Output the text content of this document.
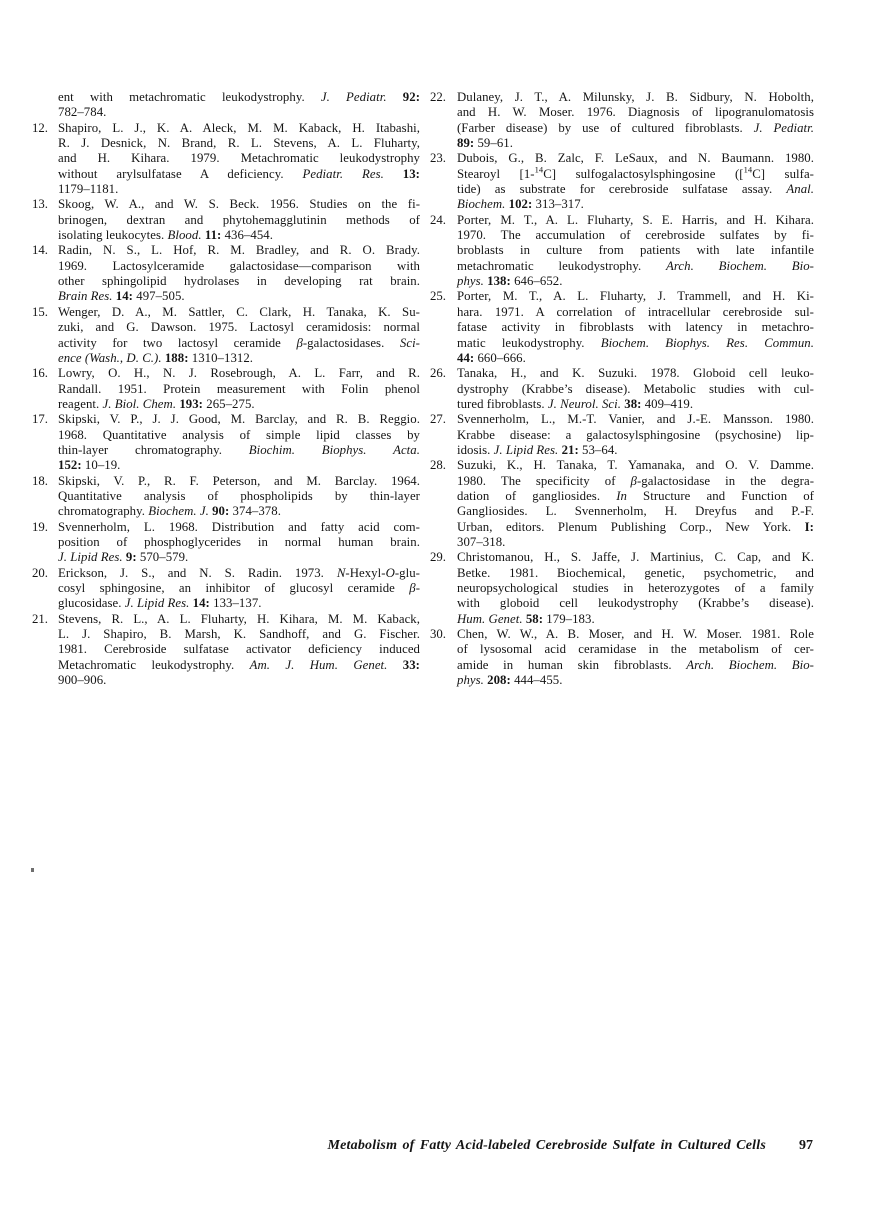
ent with metachromatic leukodystrophy. J. Pediatr. 92:
782–784.
12. Shapiro, L. J., K. A. Aleck, M. M. Kaback, H. Itabashi,
R. J. Desnick, N. Brand, R. L. Stevens, A. L. Fluharty,
and H. Kihara. 1979. Metachromatic leukodystrophy
without arylsulfatase A deficiency. Pediatr. Res. 13:
1179–1181.
13. Skoog, W. A., and W. S. Beck. 1956. Studies on the fi-
brinogen, dextran and phytohemagglutinin methods of
isolating leukocytes. Blood. 11: 436–454.
14. Radin, N. S., L. Hof, R. M. Bradley, and R. O. Brady.
1969. Lactosylceramide galactosidase—comparison with
other sphingolipid hydrolases in developing rat brain.
Brain Res. 14: 497–505.
15. Wenger, D. A., M. Sattler, C. Clark, H. Tanaka, K. Su-
zuki, and G. Dawson. 1975. Lactosyl ceramidosis: normal
activity for two lactosyl ceramide β-galactosidases. Sci-
ence (Wash., D. C.). 188: 1310–1312.
16. Lowry, O. H., N. J. Rosebrough, A. L. Farr, and R.
Randall. 1951. Protein measurement with Folin phenol
reagent. J. Biol. Chem. 193: 265–275.
17. Skipski, V. P., J. J. Good, M. Barclay, and R. B. Reggio.
1968. Quantitative analysis of simple lipid classes by
thin-layer chromatography. Biochim. Biophys. Acta.
152: 10–19.
18. Skipski, V. P., R. F. Peterson, and M. Barclay. 1964.
Quantitative analysis of phospholipids by thin-layer
chromatography. Biochem. J. 90: 374–378.
19. Svennerholm, L. 1968. Distribution and fatty acid com-
position of phosphoglycerides in normal human brain.
J. Lipid Res. 9: 570–579.
20. Erickson, J. S., and N. S. Radin. 1973. N-Hexyl-O-glu-
cosyl sphingosine, an inhibitor of glucosyl ceramide β-
glucosidase. J. Lipid Res. 14: 133–137.
21. Stevens, R. L., A. L. Fluharty, H. Kihara, M. M. Kaback,
L. J. Shapiro, B. Marsh, K. Sandhoff, and G. Fischer.
1981. Cerebroside sulfatase activator deficiency induced
Metachromatic leukodystrophy. Am. J. Hum. Genet. 33:
900–906.
22. Dulaney, J. T., A. Milunsky, J. B. Sidbury, N. Hobolth,
and H. W. Moser. 1976. Diagnosis of lipogranulomatosis
(Farber disease) by use of cultured fibroblasts. J. Pediatr.
89: 59–61.
23. Dubois, G., B. Zalc, F. LeSaux, and N. Baumann. 1980.
Stearoyl [1-$^{14}$C] sulfogalactosylsphingosine ([$^{14}$C] sulfa-
tide) as substrate for cerebroside sulfatase assay. Anal.
Biochem. 102: 313–317.
24. Porter, M. T., A. L. Fluharty, S. E. Harris, and H. Kihara.
1970. The accumulation of cerebroside sulfates by fi-
broblasts in culture from patients with late infantile
metachromatic leukodystrophy. Arch. Biochem. Bio-
phys. 138: 646–652.
25. Porter, M. T., A. L. Fluharty, J. Trammell, and H. Ki-
hara. 1971. A correlation of intracellular cerebroside sul-
fatase activity in fibroblasts with latency in metachro-
matic leukodystrophy. Biochem. Biophys. Res. Commun.
44: 660–666.
26. Tanaka, H., and K. Suzuki. 1978. Globoid cell leuko-
dystrophy (Krabbe’s disease). Metabolic studies with cul-
tured fibroblasts. J. Neurol. Sci. 38: 409–419.
27. Svennerholm, L., M.-T. Vanier, and J.-E. Mansson. 1980.
Krabbe disease: a galactosylsphingosine (psychosine) lip-
idosis. J. Lipid Res. 21: 53–64.
28. Suzuki, K., H. Tanaka, T. Yamanaka, and O. V. Damme.
1980. The specificity of β-galactosidase in the degra-
dation of gangliosides. In Structure and Function of
Gangliosides. L. Svennerholm, H. Dreyfus and P.-F.
Urban, editors. Plenum Publishing Corp., New York. I:
307–318.
29. Christomanou, H., S. Jaffe, J. Martinius, C. Cap, and K.
Betke. 1981. Biochemical, genetic, psychometric, and
neuropsychological studies in heterozygotes of a family
with globoid cell leukodystrophy (Krabbe’s disease).
Hum. Genet. 58: 179–183.
30. Chen, W. W., A. B. Moser, and H. W. Moser. 1981. Role
of lysosomal acid ceramidase in the metabolism of cer-
amide in human skin fibroblasts. Arch. Biochem. Bio-
phys. 208: 444–455.
Metabolism of Fatty Acid-labeled Cerebroside Sulfate in Cultured Cells 97
